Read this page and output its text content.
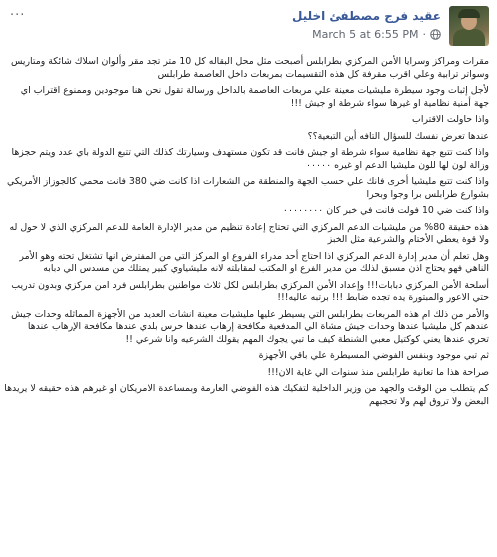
···	عقيد فرج مصطفئ اخليل
March 5 at 6:55 PM ·

مقرات ومراكز وسرايا الأمن المركزي بطرابلس أصبحت مثل محل البقاله كل 10 متر تجد مقر وألوان اسلاك شائكة ومتاريس وسواتر ترابية وعلي اقرب مقرفة كل هذه التقسيمات بمربعات داخل العاصمة طرابلس

لأجل إثبات وجود سيطرة مليشيات معينة علي مربعات العاصمة بالداخل ورسالة تقول نحن هنا موجودين وممنوع اقتراب اي جهة أمنية نظامية او غيرها سواء شرطة او جيش !!!

واذا حاولت الاقتراب

عندها تعرض نفسك للسؤال التافه أين التبعية؟؟

واذا كنت تتبع جهة نظامية سواء شرطة او جيش فانت قد تكون مستهدف وسيارتك كذلك التي تتبع الدولة باي عدد ويتم حجزها وزالة لون لها للون مليشيا الدعم او غيره ٠٠٠٠٠

واذا كنت تتبع مليشيا أخرى فانك علي حسب الجهة والمنطقة من الشعارات اذا كانت ضي 380 فانت محمي كالجوزاز الأمريكي بشوارع طرابلس برا وجوا وبحرا

واذا كنت ضي 10 فولت فانت في خبر كان ٠٠٠٠٠٠٠٠

هذه حقيقة 80% من مليشيات الدعم المركزي التي تحتاج إعادة تنظيم من مدير الإدارة العامة للدعم المركزي الذي لا حول له ولا قوة يعطي الأختام والشرعية مثل الخبز

وهل تعلم أن مدير إدارة الدعم المركزي اذا احتاج أحد مدراء الفروع او المركز التي من المفترض انها تشتغل تحته وهو الأمر الناهي فهو يحتاج اذن مسبق لذلك من مدير الفرع او المكتب لمقابلته لانه مليشياوي كبير يمتلك من مسدس الي دبابه

أسلحة الأمن المركزي دبابات!!! وإعداد الأمن المركزي بطرابلس لكل ثلاث مواطنين بطرابلس فرد امن مركزي وبدون تدريب حتي الاعور والمبتورة يده تجده ضابط !!! برتبه عاليه!!!

والأمر من ذلك ام هذه المربعات بطرابلس التي يسيطر عليها مليشيات معينة انشات العديد من الأجهزة المماثله وحدات جيش عندهم كل مليشيا عندها وحدات جيش مشاة الي المدفعية مكافحة إرهاب عندها حرس بلدي عندها مكافحة الإرهاب عندها تحري عندها يعني كوكتيل معبي الشنطة كيف ما تبي يجوك المهم يقولك الشرعيه وانا شرعي !!

ثم تبي موجود وبنفس الفوضي المسيطرة علي باقي الأجهزة

صراحة هذا ما تعانية طرابلس منذ سنوات الي غاية الان!!!

كم يتطلب من الوقت والجهد من وزير الداخلية لتفكيك هذه الفوضي العارمة وبمساعدة الامريكان او غيرهم هذه حقيقه لا يريدها البعض ولا تروق لهم ولا تحجبهم
